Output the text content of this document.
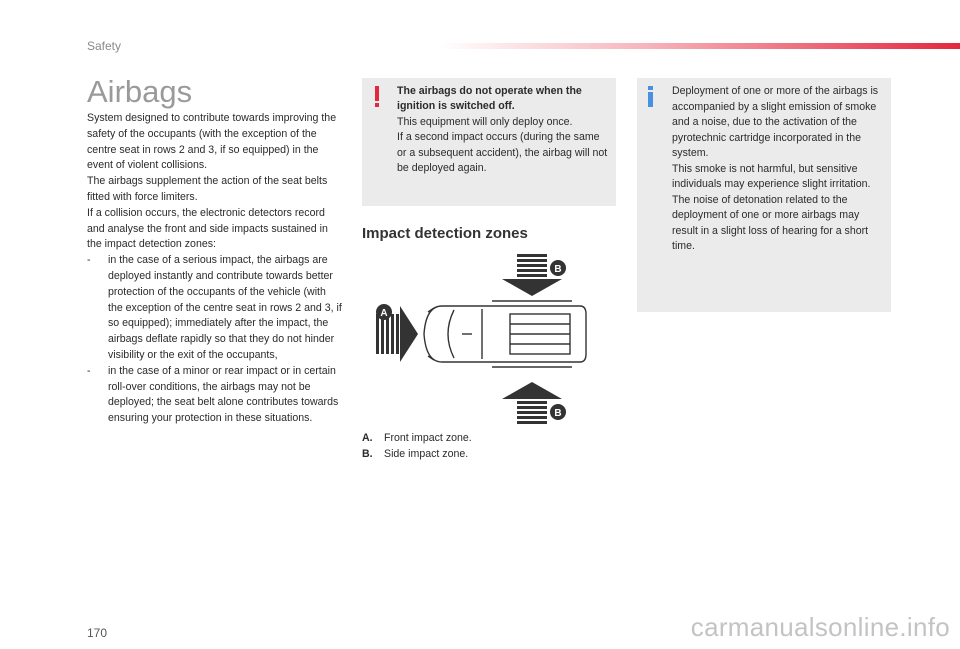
Safety
Airbags

System designed to contribute towards improving the safety of the occupants (with the exception of the centre seat in rows 2 and 3, if so equipped) in the event of violent collisions.

The airbags supplement the action of the seat belts fitted with force limiters.

If a collision occurs, the electronic detectors record and analyse the front and side impacts sustained in the impact detection zones:

- in the case of a serious impact, the airbags are deployed instantly and contribute towards better protection of the occupants of the vehicle (with the exception of the centre seat in rows 2 and 3, if so equipped); immediately after the impact, the airbags deflate rapidly so that they do not hinder visibility or the exit of the occupants,
- in the case of a minor or rear impact or in certain roll-over conditions, the airbags may not be deployed; the seat belt alone contributes towards ensuring your protection in these situations.
The airbags do not operate when the ignition is switched off.
This equipment will only deploy once.
If a second impact occurs (during the same or a subsequent accident), the airbag will not be deployed again.
Deployment of one or more of the airbags is accompanied by a slight emission of smoke and a noise, due to the activation of the pyrotechnic cartridge incorporated in the system.
This smoke is not harmful, but sensitive individuals may experience slight irritation.
The noise of detonation related to the deployment of one or more airbags may result in a slight loss of hearing for a short time.
Impact detection zones
A
B
B
A.	Front impact zone.
B.	Side impact zone.
170	carmanualsonline.info
